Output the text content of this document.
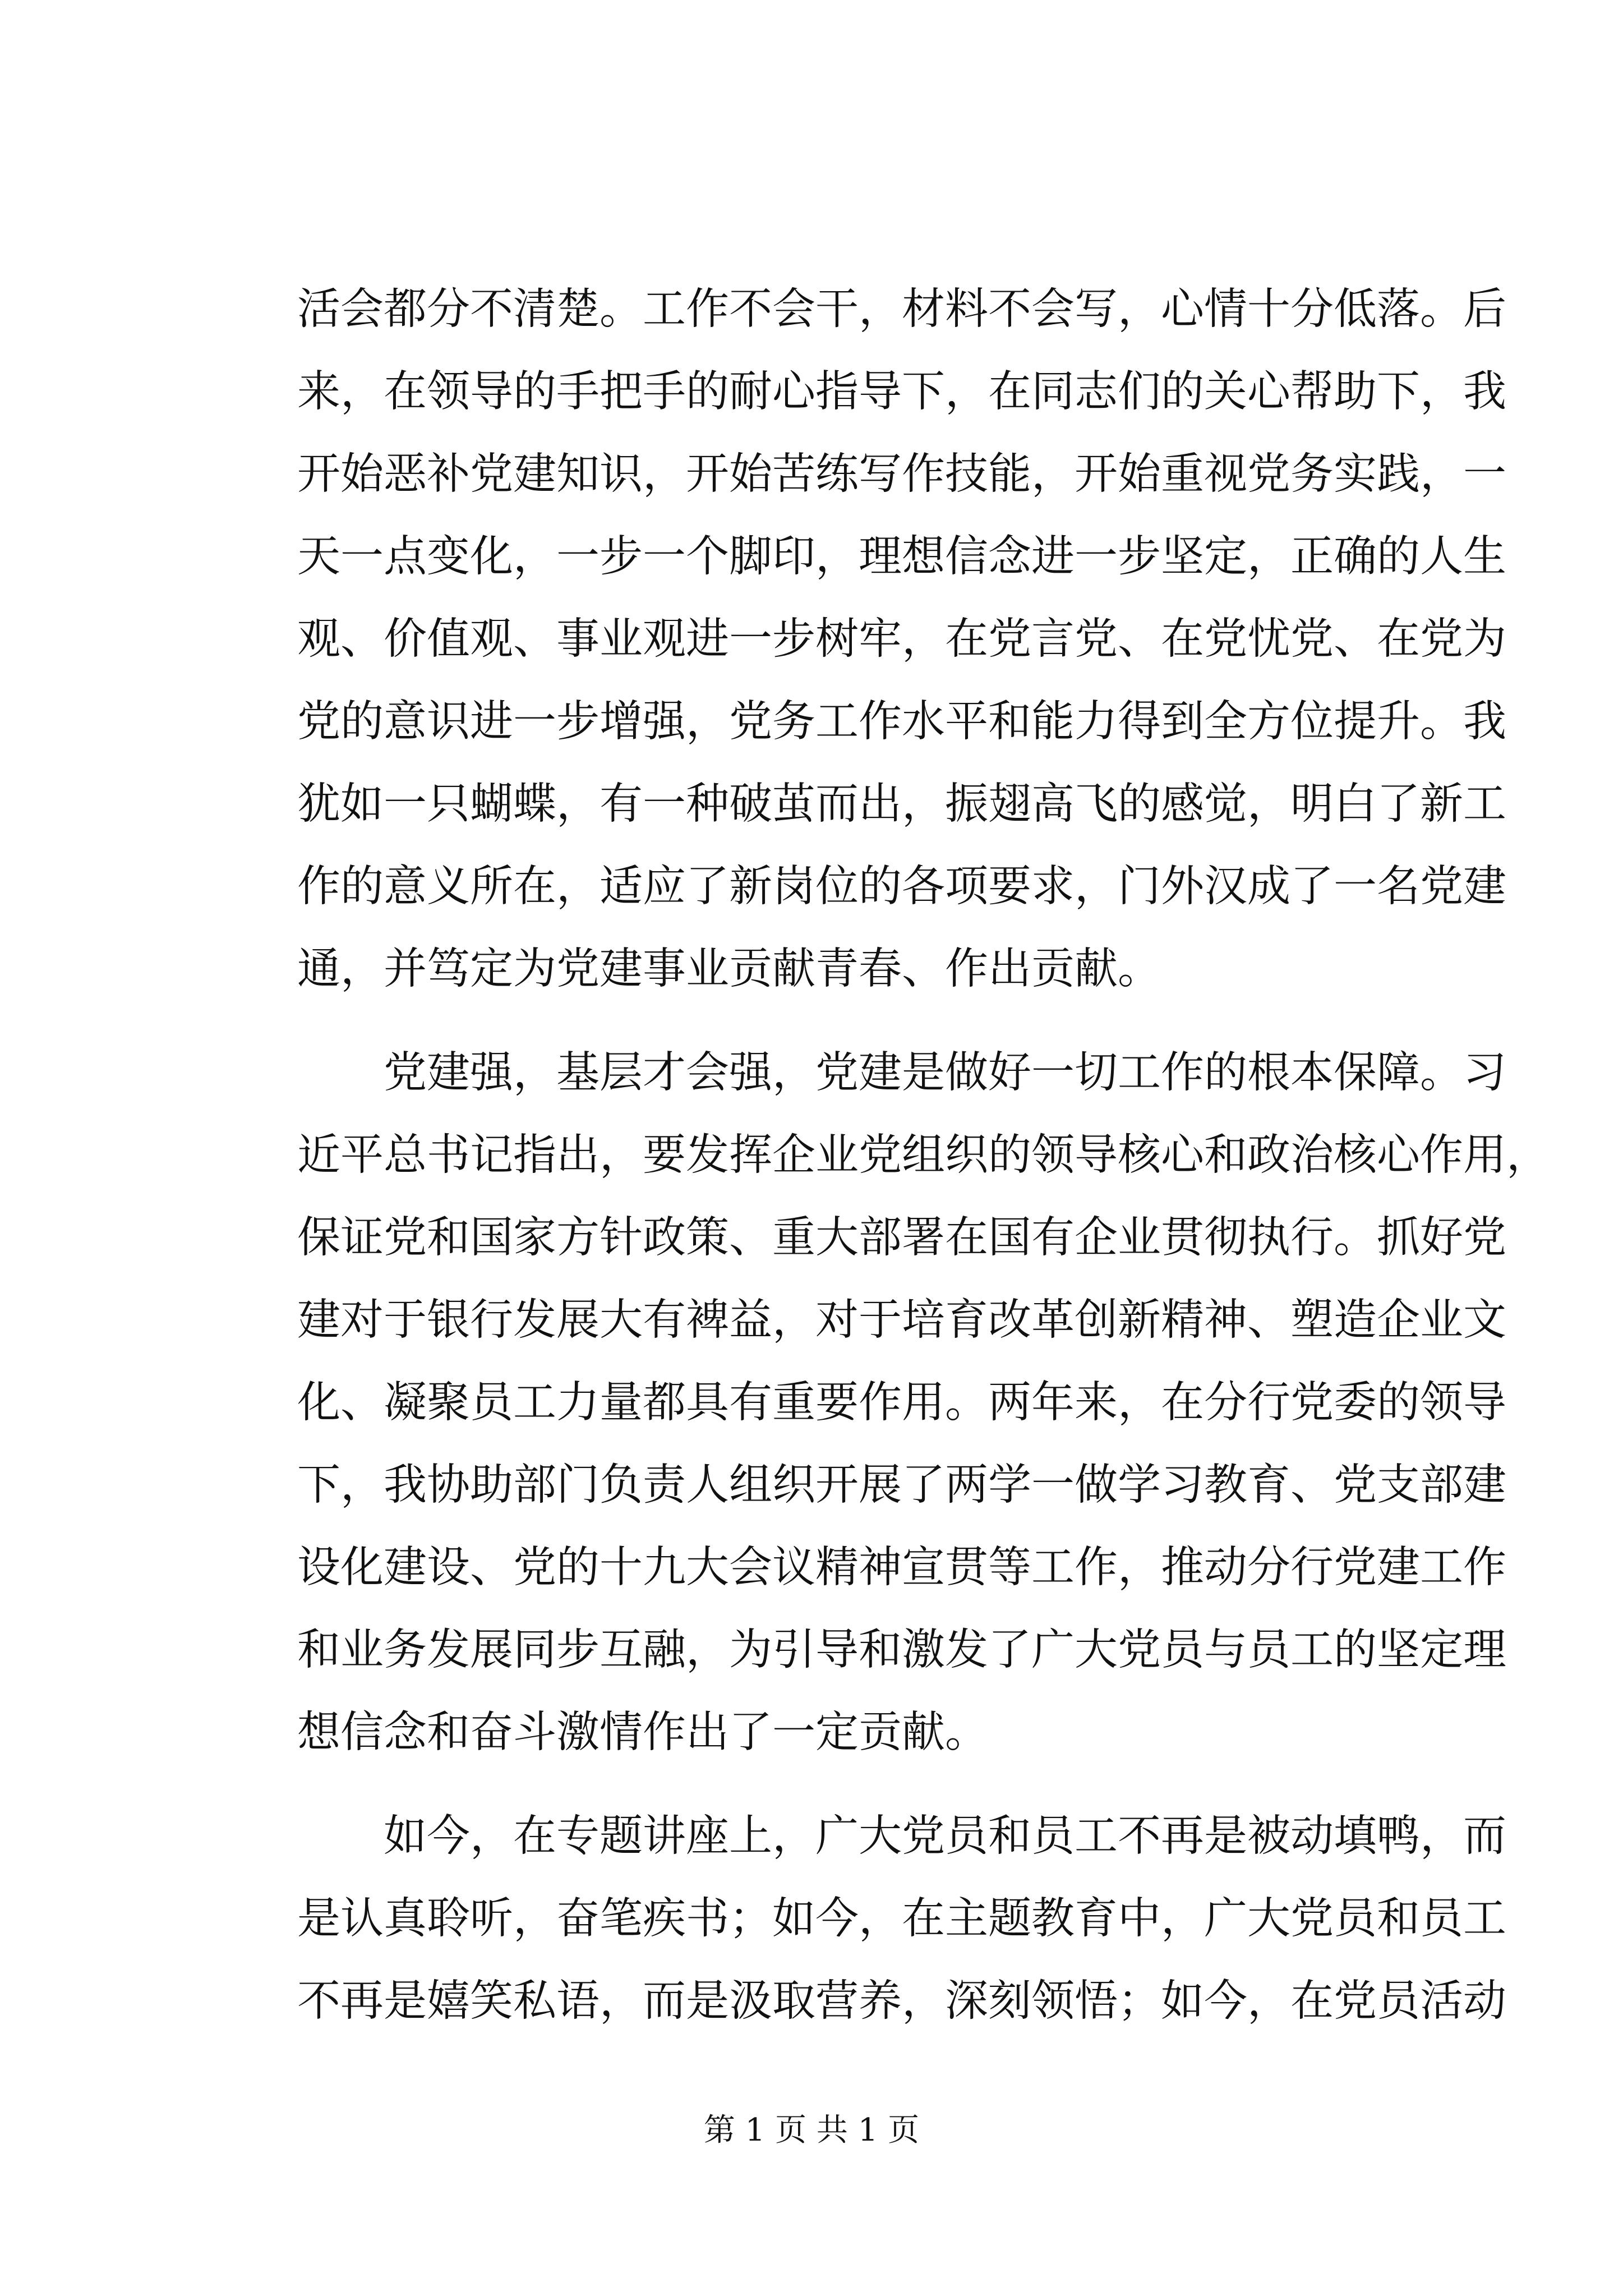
活会都分不清楚。工作不会干，材料不会写，心情十分低落。后
来，在领导的手把手的耐心指导下，在同志们的关心帮助下，我
开始恶补党建知识，开始苦练写作技能，开始重视党务实践，一
天一点变化，一步一个脚印，理想信念进一步坚定，正确的人生
观、价值观、事业观进一步树牢，在党言党、在党忧党、在党为
党的意识进一步增强，党务工作水平和能力得到全方位提升。我
犹如一只蝴蝶，有一种破茧而出，振翅高飞的感觉，明白了新工
作的意义所在，适应了新岗位的各项要求，门外汉成了一名党建
通，并笃定为党建事业贡献青春、作出贡献。
　　党建强，基层才会强，党建是做好一切工作的根本保障。习
近平总书记指出，要发挥企业党组织的领导核心和政治核心作用，
保证党和国家方针政策、重大部署在国有企业贯彻执行。抓好党
建对于银行发展大有裨益，对于培育改革创新精神、塑造企业文
化、凝聚员工力量都具有重要作用。两年来，在分行党委的领导
下，我协助部门负责人组织开展了两学一做学习教育、党支部建
设化建设、党的十九大会议精神宣贯等工作，推动分行党建工作
和业务发展同步互融，为引导和激发了广大党员与员工的坚定理
想信念和奋斗激情作出了一定贡献。
　　如今，在专题讲座上，广大党员和员工不再是被动填鸭，而
是认真聆听，奋笔疾书；如今，在主题教育中，广大党员和员工
不再是嬉笑私语，而是汲取营养，深刻领悟；如今，在党员活动
第 1 页 共 1 页
